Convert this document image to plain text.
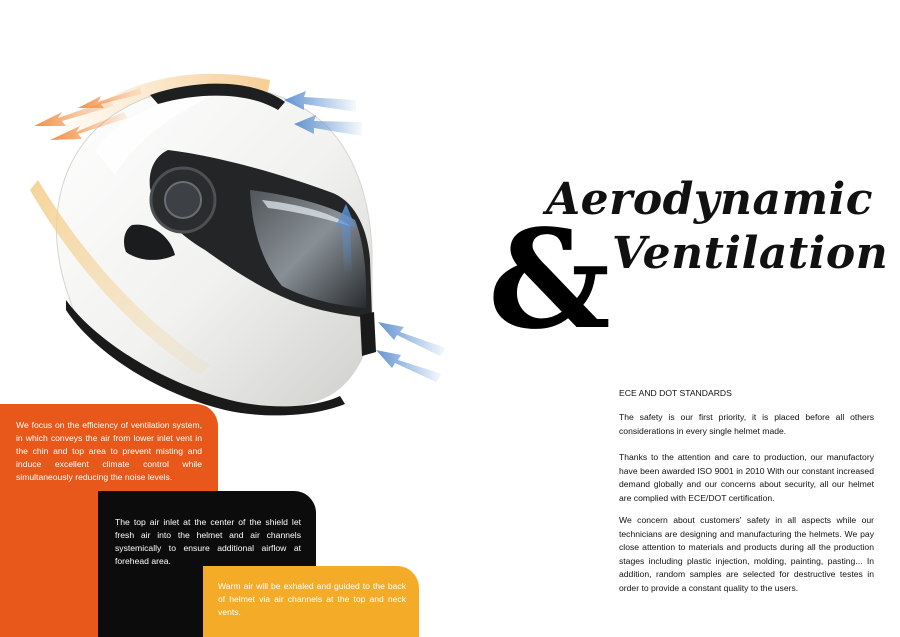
Aerodynamic
& Ventilation
ECE AND DOT STANDARDS
The safety is our first priority, it is placed before all others considerations in every single helmet made.
Thanks to the attention and care to production, our manufactory have been awarded ISO 9001 in 2010 With our constant increased demand globally and our concerns about security, all our helmet are complied with ECE/DOT certification.
We concern about customers' safety in all aspects while our technicians are designing and manufacturing the helmets. We pay close attention to materials and products during all the production stages including plastic injection, molding, painting, pasting... In addition, random samples are selected for destructive testes in order to provide a constant quality to the users.
We focus on the efficiency of ventilation system, in which conveys the air from lower inlet vent in the chin and top area to prevent misting and induce excellent climate control while simultaneously reducing the noise levels.
The top air inlet at the center of the shield let fresh air into the helmet and air channels systemically to ensure additional airflow at forehead area.
Warm air will be exhaled and guided to the back of helmet via air channels at the top and neck vents.
